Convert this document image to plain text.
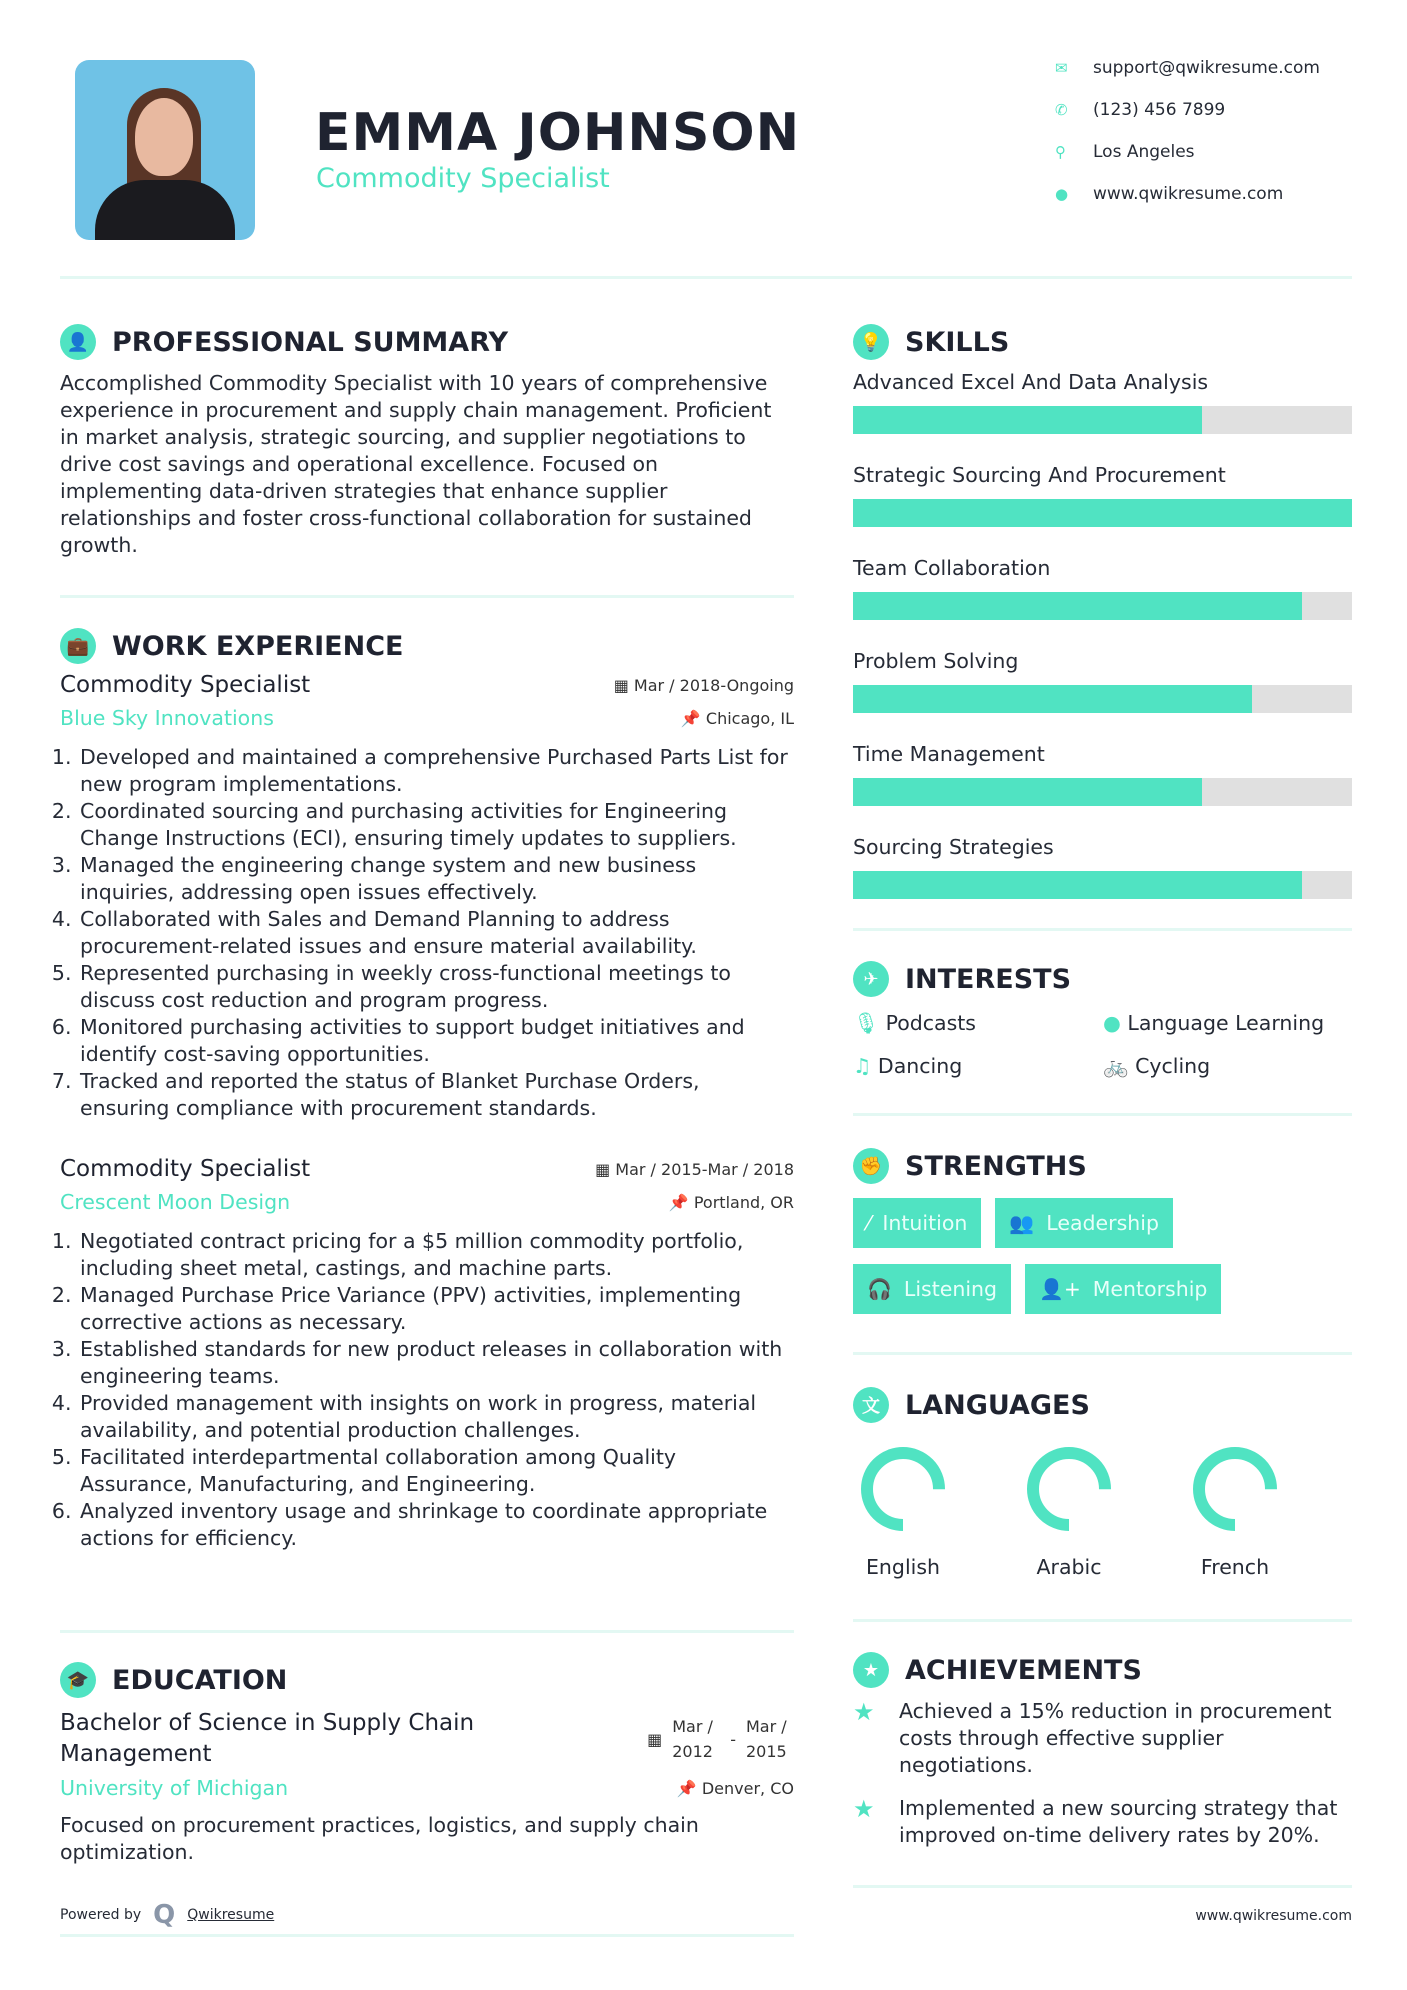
EMMA JOHNSON
Commodity Specialist
✉	support@qwikresume.com
✆	(123) 456 7899
⚲	Los Angeles
●	www.qwikresume.com
👤 PROFESSIONAL SUMMARY

Accomplished Commodity Specialist with 10 years of comprehensive experience in procurement and supply chain management. Proficient in market analysis, strategic sourcing, and supplier negotiations to drive cost savings and operational excellence. Focused on implementing data-driven strategies that enhance supplier relationships and foster cross-functional collaboration for sustained growth.

💼 WORK EXPERIENCE
Commodity Specialist	▦ Mar / 2018-Ongoing
Blue Sky Innovations	📌 Chicago, IL
1. Developed and maintained a comprehensive Purchased Parts List for new program implementations.
2. Coordinated sourcing and purchasing activities for Engineering Change Instructions (ECI), ensuring timely updates to suppliers.
3. Managed the engineering change system and new business inquiries, addressing open issues effectively.
4. Collaborated with Sales and Demand Planning to address procurement-related issues and ensure material availability.
5. Represented purchasing in weekly cross-functional meetings to discuss cost reduction and program progress.
6. Monitored purchasing activities to support budget initiatives and identify cost-saving opportunities.
7. Tracked and reported the status of Blanket Purchase Orders, ensuring compliance with procurement standards.
Commodity Specialist	▦ Mar / 2015-Mar / 2018
Crescent Moon Design	📌 Portland, OR
1. Negotiated contract pricing for a $5 million commodity portfolio, including sheet metal, castings, and machine parts.
2. Managed Purchase Price Variance (PPV) activities, implementing corrective actions as necessary.
3. Established standards for new product releases in collaboration with engineering teams.
4. Provided management with insights on work in progress, material availability, and potential production challenges.
5. Facilitated interdepartmental collaboration among Quality Assurance, Manufacturing, and Engineering.
6. Analyzed inventory usage and shrinkage to coordinate appropriate actions for efficiency.
🎓 EDUCATION
Bachelor of Science in Supply Chain Management
▦
Mar / 2012
-
Mar / 2015
University of Michigan	📌 Denver, CO

Focused on procurement practices, logistics, and supply chain optimization.

Powered by Q Qwikresume
💡 SKILLS
Advanced Excel And Data Analysis
Strategic Sourcing And Procurement
Team Collaboration
Problem Solving
Time Management
Sourcing Strategies
✈ INTERESTS
🎙 Podcasts	● Language Learning
♫ Dancing	🚲 Cycling
✊ STRENGTHS
⁄ Intuition 👥 Leadership
🎧 Listening 👤+ Mentorship
文 LANGUAGES
English	Arabic	French
★ ACHIEVEMENTS
★	Achieved a 15% reduction in procurement costs through effective supplier negotiations.
★	Implemented a new sourcing strategy that improved on-time delivery rates by 20%.
www.qwikresume.com
